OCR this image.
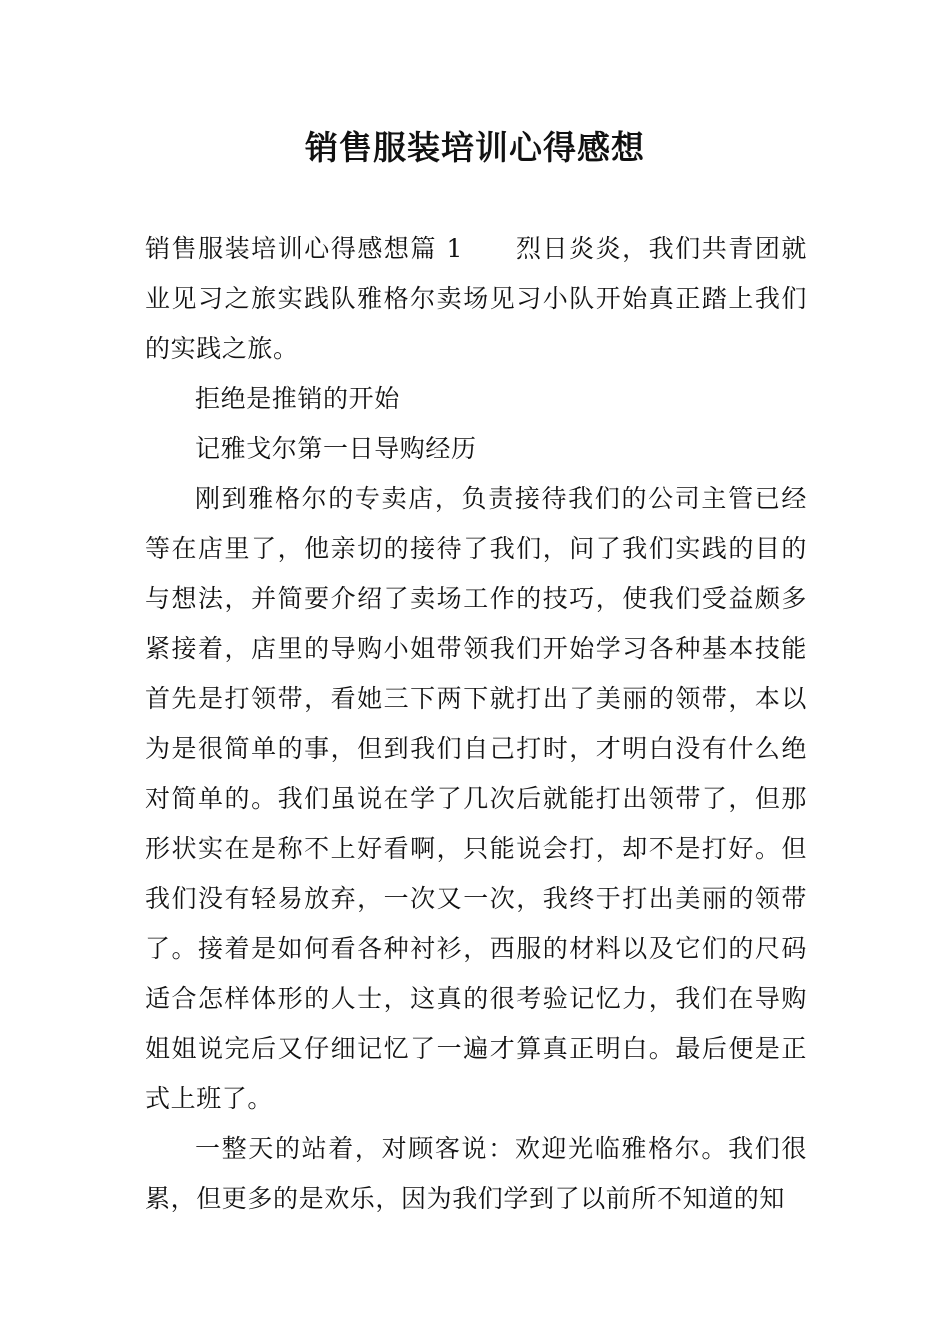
销售服装培训心得感想

销售服装培训心得感想篇 1 烈日炎炎，我们共青团就业见习之旅实践队雅格尔卖场见习小队开始真正踏上我们的实践之旅。

拒绝是推销的开始

记雅戈尔第一日导购经历

刚到雅格尔的专卖店，负责接待我们的公司主管已经等在店里了，他亲切的接待了我们，问了我们实践的目的与想法，并简要介绍了卖场工作的技巧，使我们受益颇多紧接着，店里的导购小姐带领我们开始学习各种基本技能首先是打领带，看她三下两下就打出了美丽的领带，本以为是很简单的事，但到我们自己打时，才明白没有什么绝对简单的。我们虽说在学了几次后就能打出领带了，但那形状实在是称不上好看啊，只能说会打，却不是打好。但我们没有轻易放弃，一次又一次，我终于打出美丽的领带了。接着是如何看各种衬衫，西服的材料以及它们的尺码适合怎样体形的人士，这真的很考验记忆力，我们在导购姐姐说完后又仔细记忆了一遍才算真正明白。最后便是正式上班了。

一整天的站着，对顾客说：欢迎光临雅格尔。我们很累，但更多的是欢乐，因为我们学到了以前所不知道的知
